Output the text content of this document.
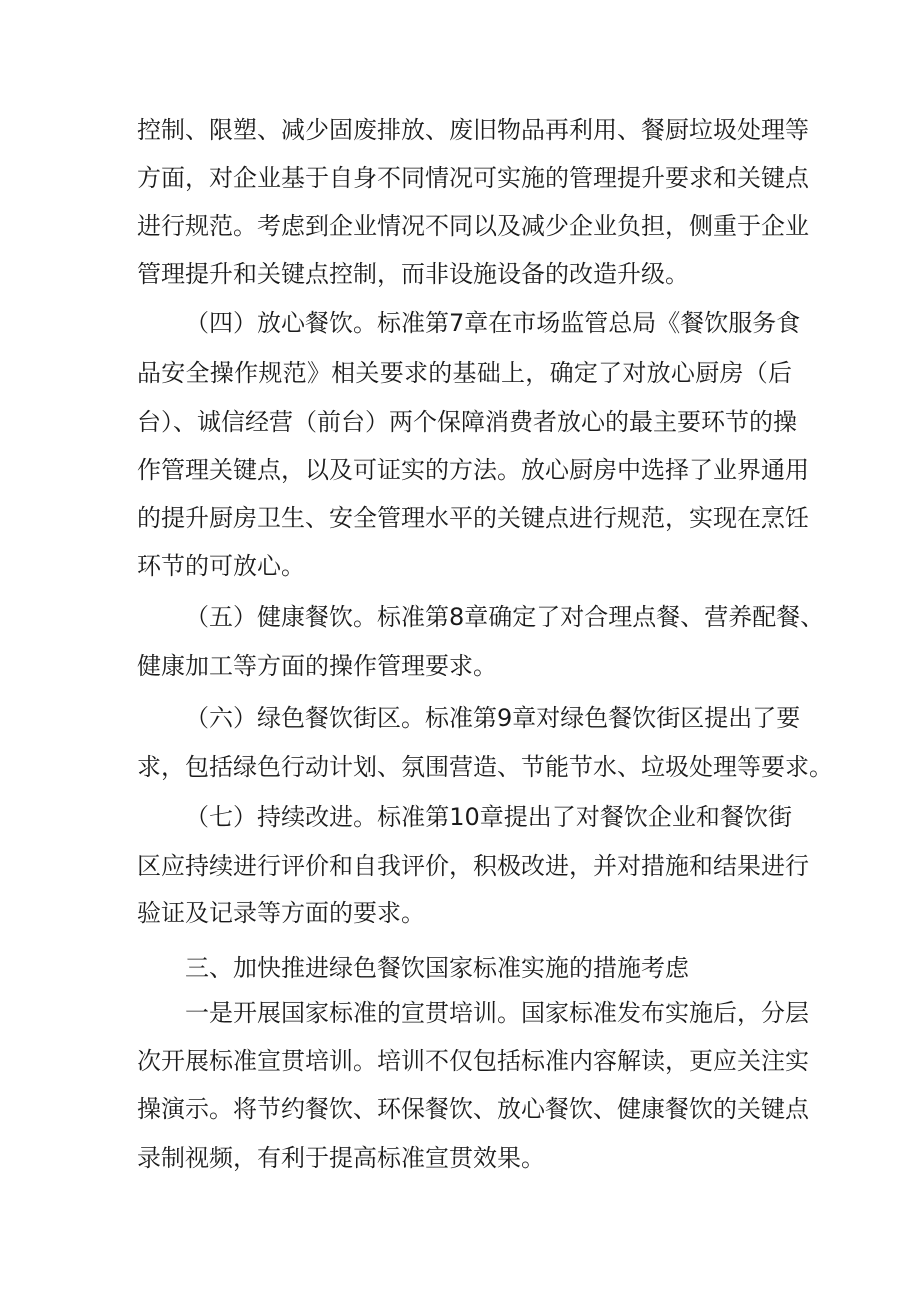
控制、限塑、减少固废排放、废旧物品再利用、餐厨垃圾处理等
方面，对企业基于自身不同情况可实施的管理提升要求和关键点
进行规范。考虑到企业情况不同以及减少企业负担，侧重于企业
管理提升和关键点控制，而非设施设备的改造升级。
（四）放心餐饮。标准第7章在市场监管总局《餐饮服务食
品安全操作规范》相关要求的基础上，确定了对放心厨房（后
台）、诚信经营（前台）两个保障消费者放心的最主要环节的操
作管理关键点，以及可证实的方法。放心厨房中选择了业界通用
的提升厨房卫生、安全管理水平的关键点进行规范，实现在烹饪
环节的可放心。
（五）健康餐饮。标准第8章确定了对合理点餐、营养配餐、
健康加工等方面的操作管理要求。
（六）绿色餐饮街区。标准第9章对绿色餐饮街区提出了要
求，包括绿色行动计划、氛围营造、节能节水、垃圾处理等要求。
（七）持续改进。标准第10章提出了对餐饮企业和餐饮街
区应持续进行评价和自我评价，积极改进，并对措施和结果进行
验证及记录等方面的要求。
三、加快推进绿色餐饮国家标准实施的措施考虑
一是开展国家标准的宣贯培训。国家标准发布实施后，分层
次开展标准宣贯培训。培训不仅包括标准内容解读，更应关注实
操演示。将节约餐饮、环保餐饮、放心餐饮、健康餐饮的关键点
录制视频，有利于提高标准宣贯效果。
